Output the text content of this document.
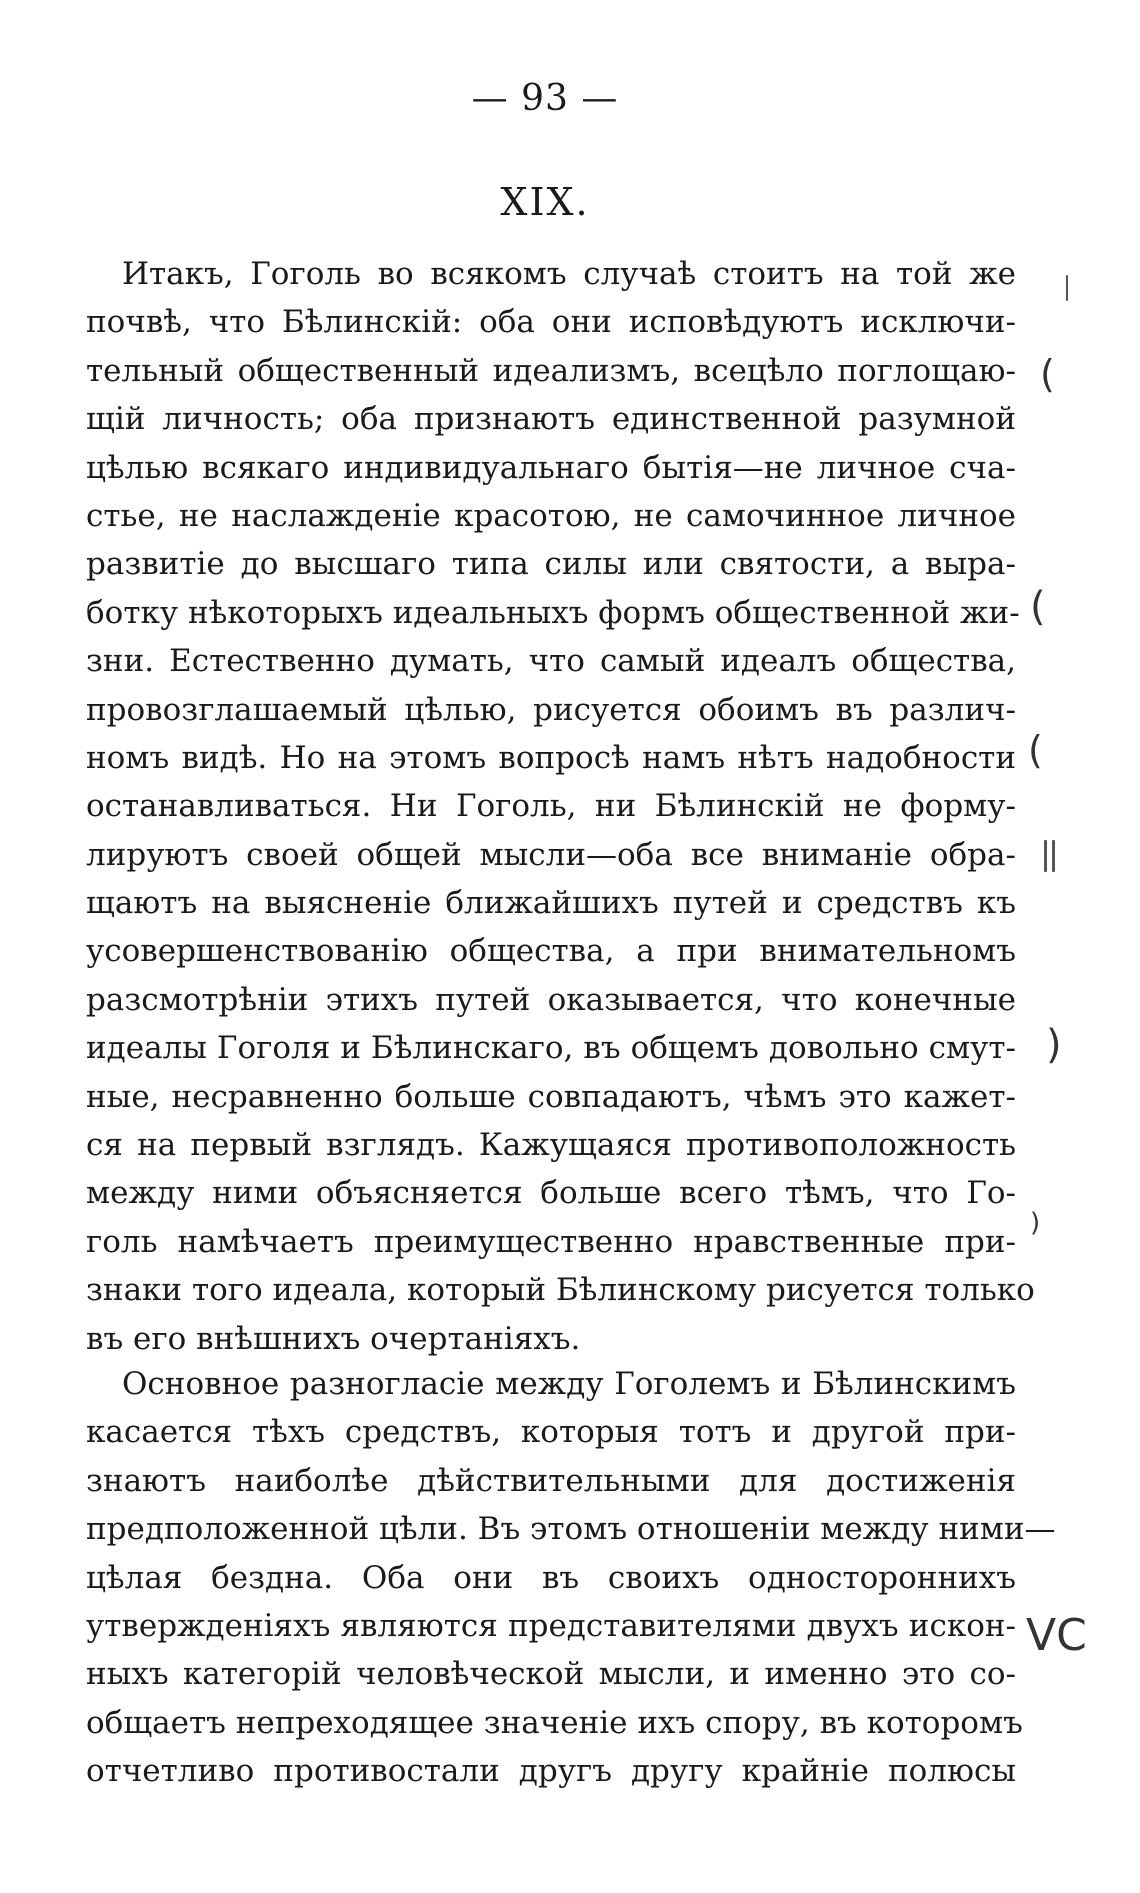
— 93 —
XIX.
Итакъ, Гоголь во всякомъ случаѣ стоитъ на той же
почвѣ, что Бѣлинскій: оба они исповѣдуютъ исключи-
тельный общественный идеализмъ, всецѣло поглощаю-
щій личность; оба признаютъ единственной разумной
цѣлью всякаго индивидуальнаго бытія—не личное сча-
стье, не наслажденіе красотою, не самочинное личное
развитіе до высшаго типа силы или святости, а выра-
ботку нѣкоторыхъ идеальныхъ формъ общественной жи-
зни. Естественно думать, что самый идеалъ общества,
провозглашаемый цѣлью, рисуется обоимъ въ различ-
номъ видѣ. Но на этомъ вопросѣ намъ нѣтъ надобности
останавливаться. Ни Гоголь, ни Бѣлинскій не форму-
лируютъ своей общей мысли—оба все вниманіе обра-
щаютъ на выясненіе ближайшихъ путей и средствъ къ
усовершенствованію общества, а при внимательномъ
разсмотрѣніи этихъ путей оказывается, что конечные
идеалы Гоголя и Бѣлинскаго, въ общемъ довольно смут-
ные, несравненно больше совпадаютъ, чѣмъ это кажет-
ся на первый взглядъ. Кажущаяся противоположность
между ними объясняется больше всего тѣмъ, что Го-
голь намѣчаетъ преимущественно нравственные при-
знаки того идеала, который Бѣлинскому рисуется только
въ его внѣшнихъ очертаніяхъ.
Основное разногласіе между Гоголемъ и Бѣлинскимъ
касается тѣхъ средствъ, которыя тотъ и другой при-
знаютъ наиболѣе дѣйствительными для достиженія
предположенной цѣли. Въ этомъ отношеніи между ними—
цѣлая бездна. Оба они въ своихъ одностороннихъ
утвержденіяхъ являются представителями двухъ искон-
ныхъ категорій человѣческой мысли, и именно это со-
общаетъ непреходящее значеніе ихъ спору, въ которомъ
отчетливо противостали другъ другу крайніе полюсы
(
(
(
)
)
VC
